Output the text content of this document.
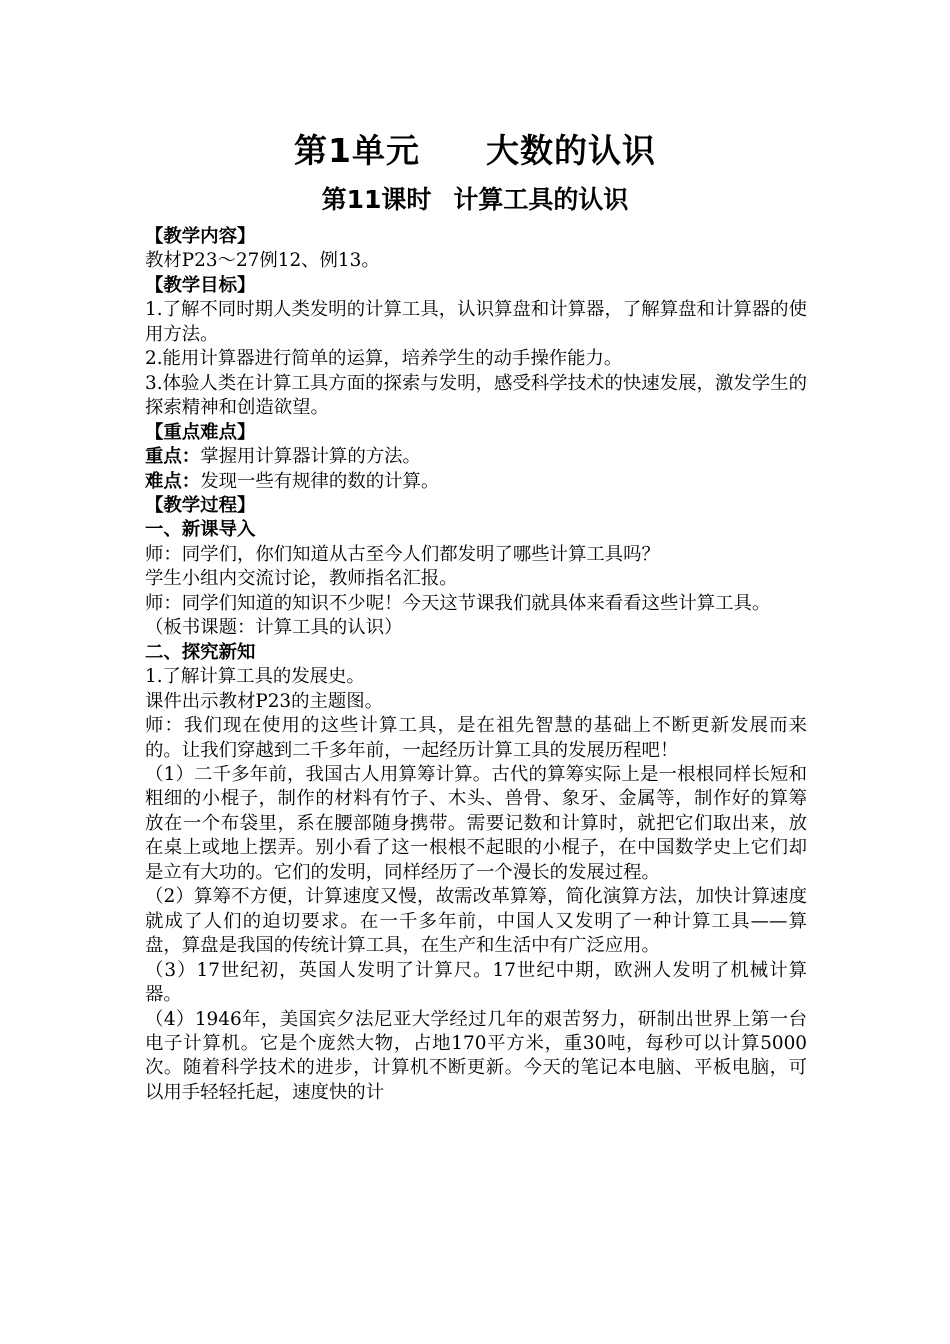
第1单元 大数的认识
第11课时 计算工具的认识

【教学内容】

教材P23～27例12、例13。

【教学目标】

1.了解不同时期人类发明的计算工具，认识算盘和计算器，了解算盘和计算器的使用方法。

2.能用计算器进行简单的运算，培养学生的动手操作能力。

3.体验人类在计算工具方面的探索与发明，感受科学技术的快速发展，激发学生的探索精神和创造欲望。

【重点难点】

重点：掌握用计算器计算的方法。

难点：发现一些有规律的数的计算。

【教学过程】

一、新课导入

师：同学们，你们知道从古至今人们都发明了哪些计算工具吗？

学生小组内交流讨论，教师指名汇报。

师：同学们知道的知识不少呢！今天这节课我们就具体来看看这些计算工具。

（板书课题：计算工具的认识）

二、探究新知

1.了解计算工具的发展史。

课件出示教材P23的主题图。

师：我们现在使用的这些计算工具，是在祖先智慧的基础上不断更新发展而来的。让我们穿越到二千多年前，一起经历计算工具的发展历程吧！

（1）二千多年前，我国古人用算筹计算。古代的算筹实际上是一根根同样长短和粗细的小棍子，制作的材料有竹子、木头、兽骨、象牙、金属等，制作好的算筹放在一个布袋里，系在腰部随身携带。需要记数和计算时，就把它们取出来，放在桌上或地上摆弄。别小看了这一根根不起眼的小棍子，在中国数学史上它们却是立有大功的。它们的发明，同样经历了一个漫长的发展过程。

（2）算筹不方便，计算速度又慢，故需改革算筹，简化演算方法，加快计算速度就成了人们的迫切要求。在一千多年前，中国人又发明了一种计算工具——算盘，算盘是我国的传统计算工具，在生产和生活中有广泛应用。

（3）17世纪初，英国人发明了计算尺。17世纪中期，欧洲人发明了机械计算器。

（4）1946年，美国宾夕法尼亚大学经过几年的艰苦努力，研制出世界上第一台电子计算机。它是个庞然大物，占地170平方米，重30吨，每秒可以计算5000次。随着科学技术的进步，计算机不断更新。今天的笔记本电脑、平板电脑，可以用手轻轻托起，速度快的计
